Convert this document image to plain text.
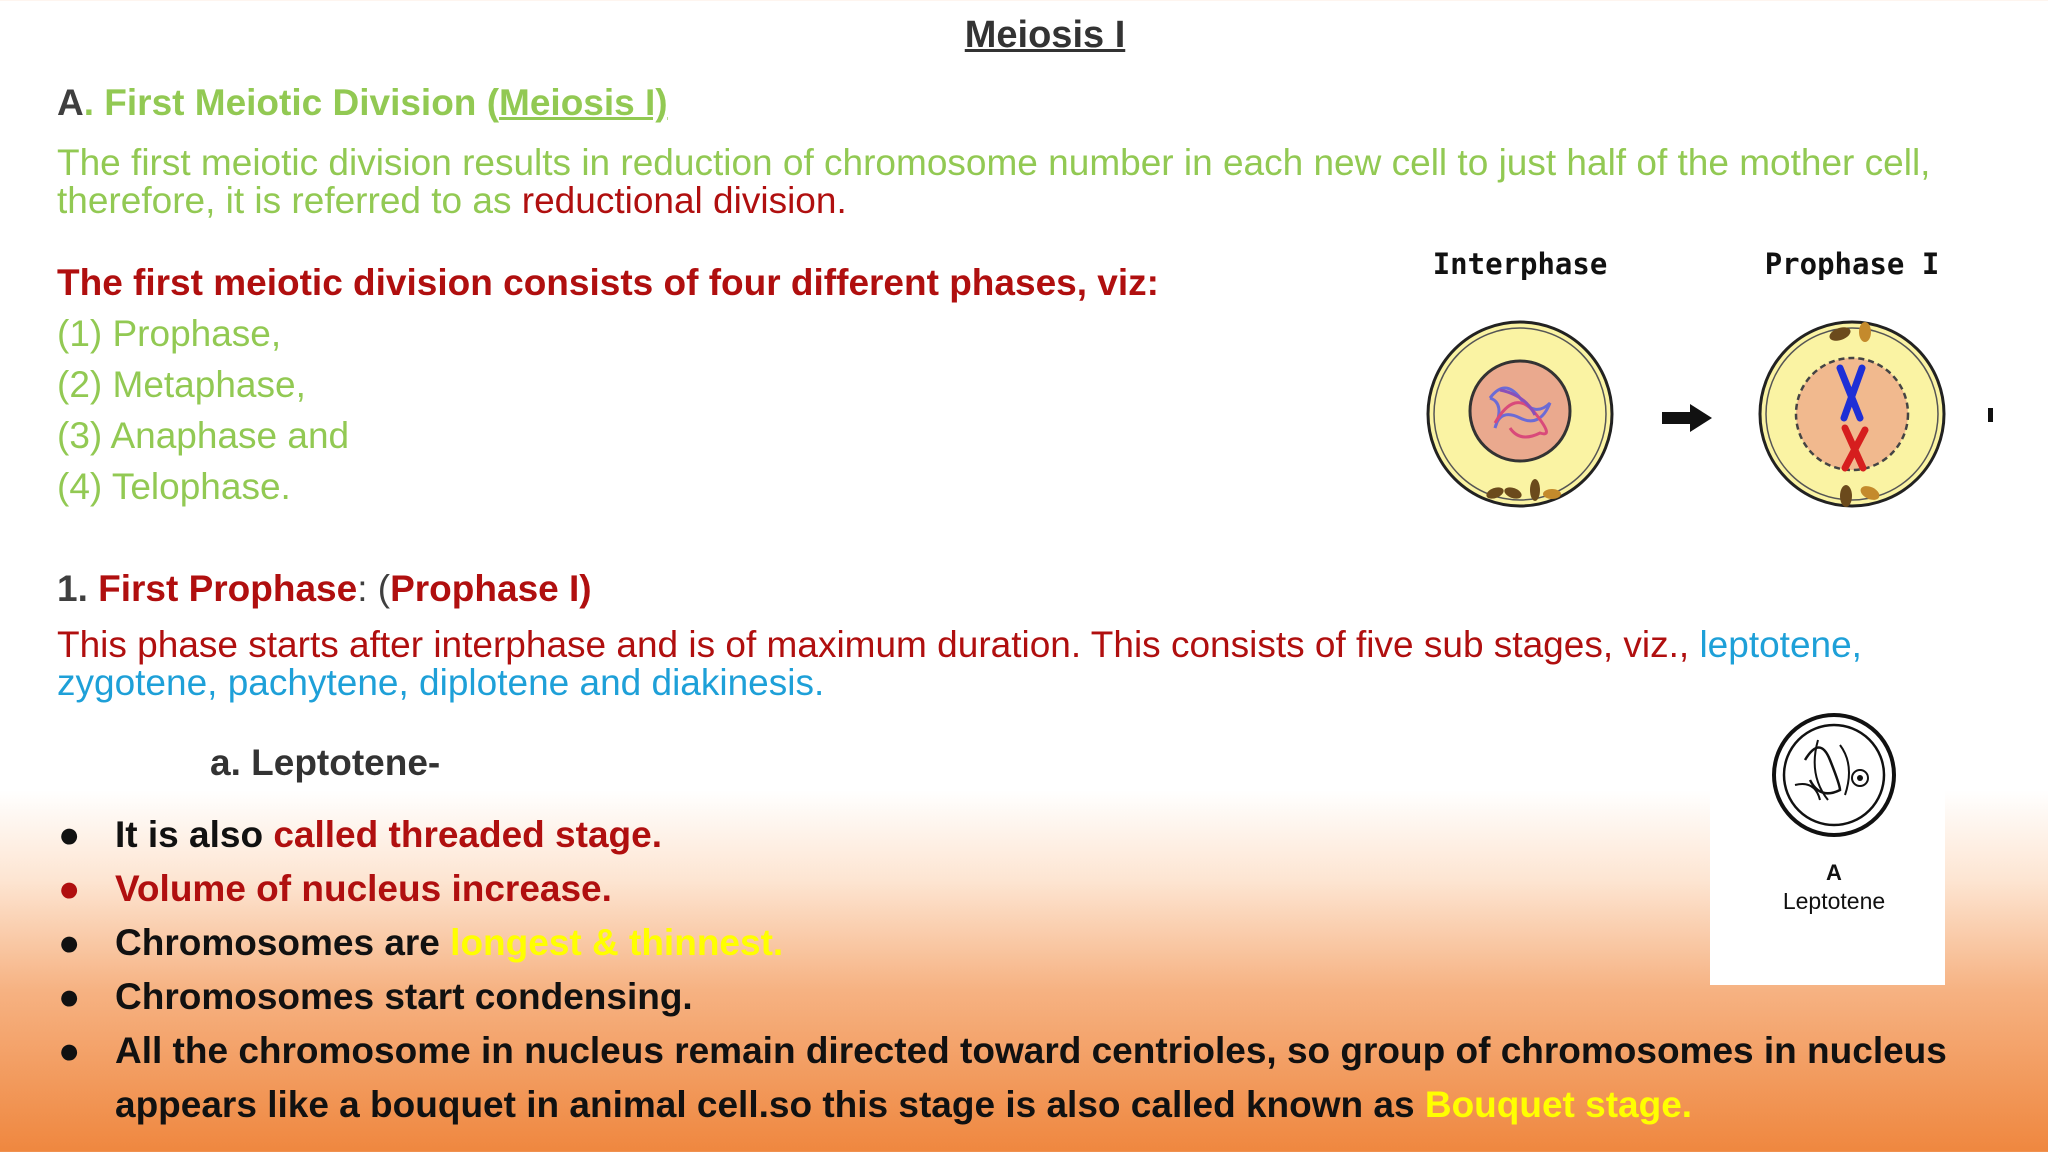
Meiosis I
A. First Meiotic Division (Meiosis I)
The first meiotic division results in reduction of chromosome number in each new cell to just half of the mother cell, therefore, it is referred to as reductional division.
The first meiotic division consists of four different phases, viz:
(1) Prophase,
(2) Metaphase,
(3) Anaphase and
(4) Telophase.
1. First Prophase: (Prophase I)
This phase starts after interphase and is of maximum duration. This consists of five sub stages, viz., leptotene, zygotene, pachytene, diplotene and diakinesis.
a. Leptotene-
● It is also called threaded stage.
● Volume of nucleus increase.
● Chromosomes are longest & thinnest.
● Chromosomes start condensing.
● All the chromosome in nucleus remain directed toward centrioles, so group of chromosomes in nucleus appears like a bouquet in animal cell.so this stage is also called known as Bouquet stage.
Interphase	Prophase I
A
Leptotene
